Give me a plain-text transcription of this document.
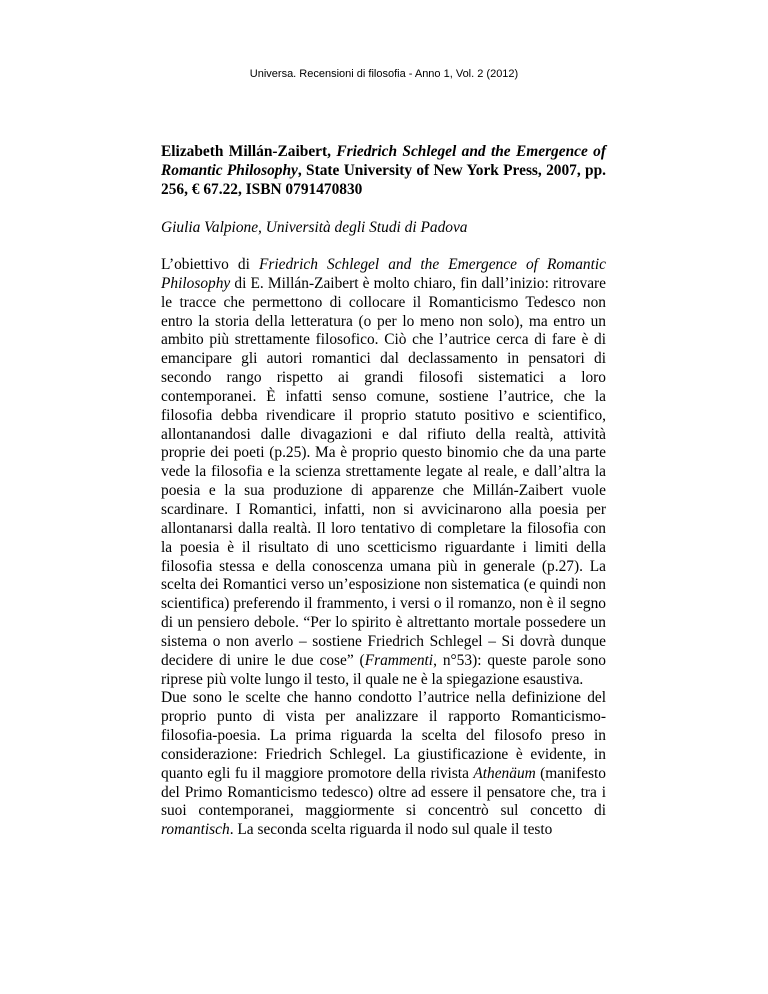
Universa. Recensioni di filosofia - Anno 1, Vol. 2 (2012)

Elizabeth Millán-Zaibert, Friedrich Schlegel and the Emergence of Romantic Philosophy, State University of New York Press, 2007, pp. 256, € 67.22, ISBN 0791470830

Giulia Valpione, Università degli Studi di Padova

L’obiettivo di Friedrich Schlegel and the Emergence of Romantic Philosophy di E. Millán-Zaibert è molto chiaro, fin dall’inizio: ritrovare le tracce che permettono di collocare il Romanticismo Tedesco non entro la storia della letteratura (o per lo meno non solo), ma entro un ambito più strettamente filosofico. Ciò che l’autrice cerca di fare è di emancipare gli autori romantici dal declassamento in pensatori di secondo rango rispetto ai grandi filosofi sistematici a loro contemporanei. È infatti senso comune, sostiene l’autrice, che la filosofia debba rivendicare il proprio statuto positivo e scientifico, allontanandosi dalle divagazioni e dal rifiuto della realtà, attività proprie dei poeti (p.25). Ma è proprio questo binomio che da una parte vede la filosofia e la scienza strettamente legate al reale, e dall’altra la poesia e la sua produzione di apparenze che Millán-Zaibert vuole scardinare. I Romantici, infatti, non si avvicinarono alla poesia per allontanarsi dalla realtà. Il loro tentativo di completare la filosofia con la poesia è il risultato di uno scetticismo riguardante i limiti della filosofia stessa e della conoscenza umana più in generale (p.27). La scelta dei Romantici verso un’esposizione non sistematica (e quindi non scientifica) preferendo il frammento, i versi o il romanzo, non è il segno di un pensiero debole. “Per lo spirito è altrettanto mortale possedere un sistema o non averlo – sostiene Friedrich Schlegel – Si dovrà dunque decidere di unire le due cose” (Frammenti, n°53): queste parole sono riprese più volte lungo il testo, il quale ne è la spiegazione esaustiva.

Due sono le scelte che hanno condotto l’autrice nella definizione del proprio punto di vista per analizzare il rapporto Romanticismo-filosofia-poesia. La prima riguarda la scelta del filosofo preso in considerazione: Friedrich Schlegel. La giustificazione è evidente, in quanto egli fu il maggiore promotore della rivista Athenäum (manifesto del Primo Romanticismo tedesco) oltre ad essere il pensatore che, tra i suoi contemporanei, maggiormente si concentrò sul concetto di romantisch. La seconda scelta riguarda il nodo sul quale il testo
